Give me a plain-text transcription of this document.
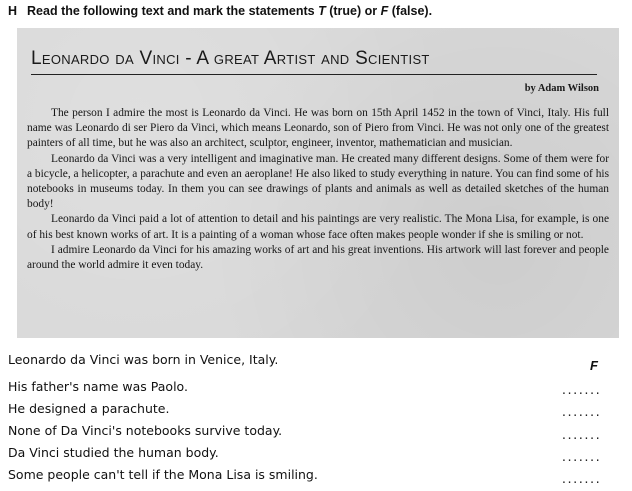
H Read the following text and mark the statements T (true) or F (false).
Leonardo da Vinci - A great Artist and Scientist
by Adam Wilson

The person I admire the most is Leonardo da Vinci. He was born on 15th April 1452 in the town of Vinci, Italy. His full name was Leonardo di ser Piero da Vinci, which means Leonardo, son of Piero from Vinci. He was not only one of the greatest painters of all time, but he was also an architect, sculptor, engineer, inventor, mathematician and musician.

Leonardo da Vinci was a very intelligent and imaginative man. He created many different designs. Some of them were for a bicycle, a helicopter, a parachute and even an aeroplane! He also liked to study everything in nature. You can find some of his notebooks in museums today. In them you can see drawings of plants and animals as well as detailed sketches of the human body!

Leonardo da Vinci paid a lot of attention to detail and his paintings are very realistic. The Mona Lisa, for example, is one of his best known works of art. It is a painting of a woman whose face often makes people wonder if she is smiling or not.

I admire Leonardo da Vinci for his amazing works of art and his great inventions. His artwork will last forever and people around the world admire it even today.

Leonardo da Vinci was born in Venice, Italy.	F
His father's name was Paolo.	.......
He designed a parachute.	.......
None of Da Vinci's notebooks survive today.	.......
Da Vinci studied the human body.	.......
Some people can't tell if the Mona Lisa is smiling.	.......
